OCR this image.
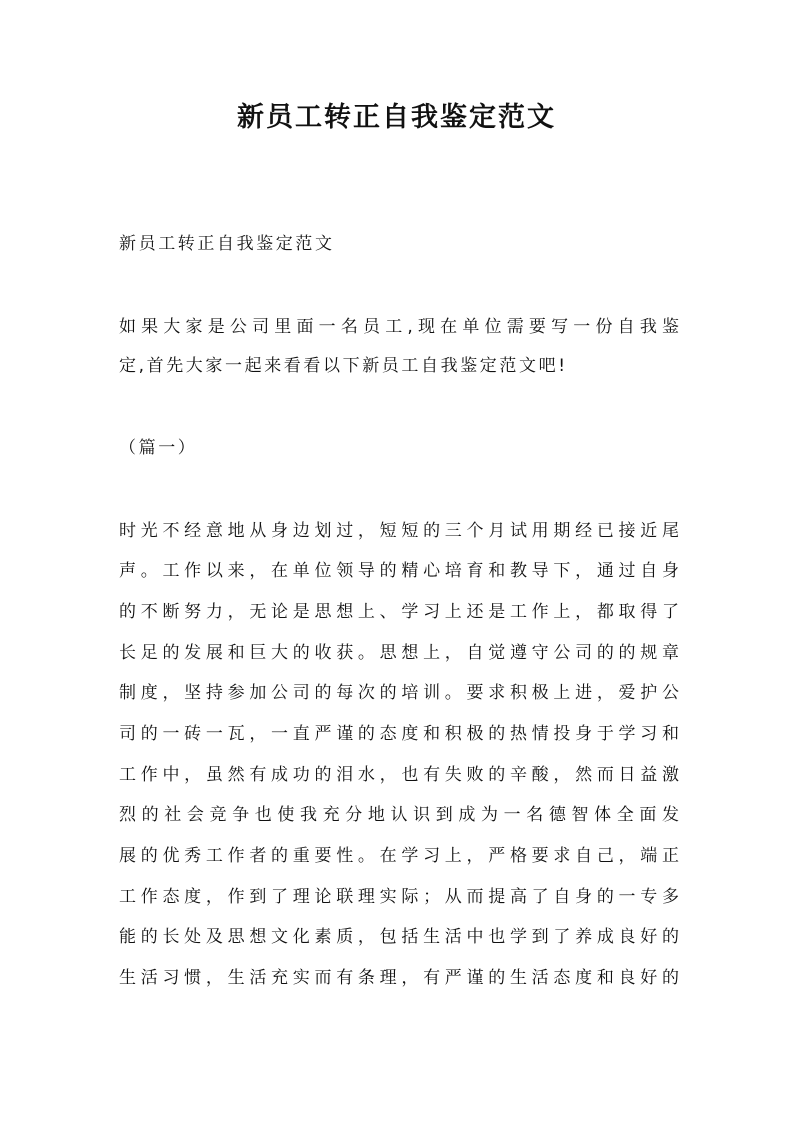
新员工转正自我鉴定范文

新员工转正自我鉴定范文

如果大家是公司里面一名员工,现在单位需要写一份自我鉴

定,首先大家一起来看看以下新员工自我鉴定范文吧!

（篇一）

时光不经意地从身边划过，短短的三个月试用期经已接近尾

声。工作以来，在单位领导的精心培育和教导下，通过自身

的不断努力，无论是思想上、学习上还是工作上，都取得了

长足的发展和巨大的收获。思想上，自觉遵守公司的的规章

制度，坚持参加公司的每次的培训。要求积极上进，爱护公

司的一砖一瓦，一直严谨的态度和积极的热情投身于学习和

工作中，虽然有成功的泪水，也有失败的辛酸，然而日益激

烈的社会竞争也使我充分地认识到成为一名德智体全面发

展的优秀工作者的重要性。在学习上，严格要求自己，端正

工作态度，作到了理论联理实际；从而提高了自身的一专多

能的长处及思想文化素质，包括生活中也学到了养成良好的

生活习惯，生活充实而有条理，有严谨的生活态度和良好的
